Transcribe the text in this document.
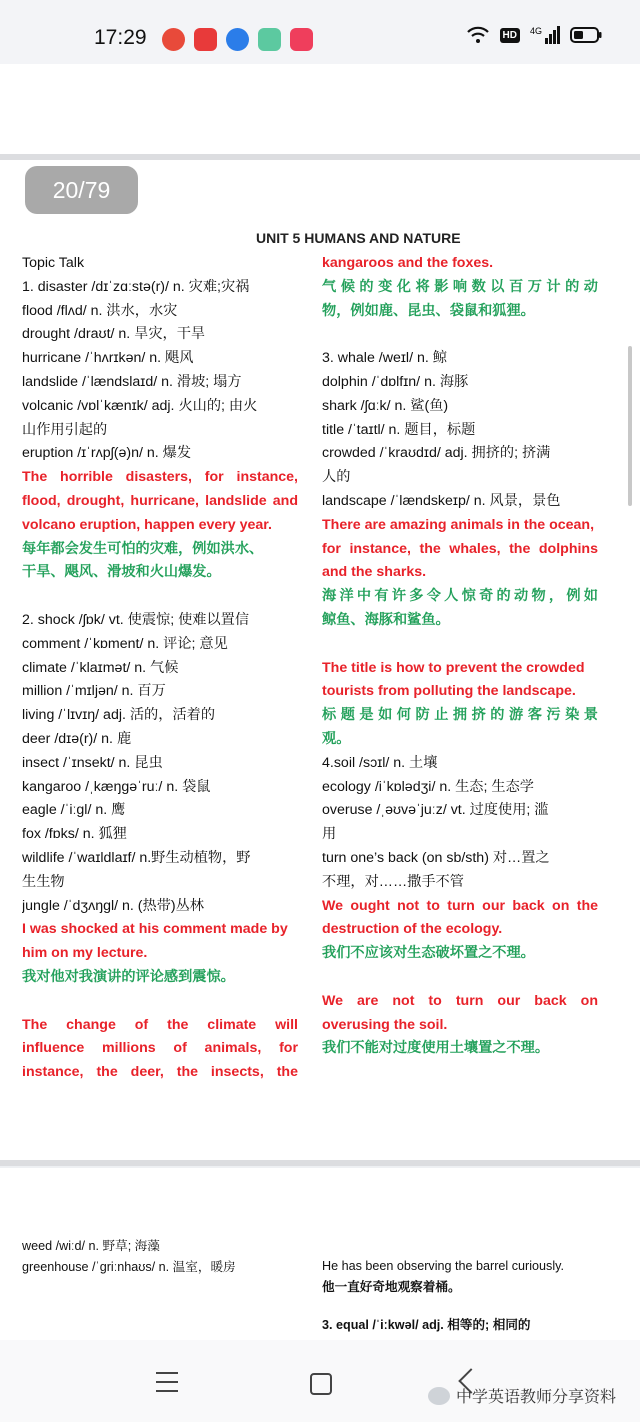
17:29	HD	4G
20/79
UNIT 5 HUMANS AND NATURE
Topic Talk
1. disaster /dɪˈzɑːstə(r)/ n. 灾难;灾祸
flood /flʌd/ n. 洪水，水灾
drought /draʊt/ n. 旱灾，干旱
hurricane /ˈhʌrɪkən/ n. 飓风
landslide /ˈlændslaɪd/ n. 滑坡; 塌方
volcanic /vɒlˈkænɪk/ adj. 火山的; 由火
山作用引起的
eruption /ɪˈrʌpʃ(ə)n/ n. 爆发
The horrible disasters, for instance,
flood, drought, hurricane, landslide and
volcano eruption, happen every year.
每年都会发生可怕的灾难，例如洪水、
干旱、飓风、滑坡和火山爆发。
2. shock /ʃɒk/ vt. 使震惊; 使难以置信
comment /ˈkɒment/ n. 评论; 意见
climate /ˈklaɪmət/ n. 气候
million /ˈmɪljən/ n. 百万
living /ˈlɪvɪŋ/ adj. 活的，活着的
deer /dɪə(r)/ n. 鹿
insect /ˈɪnsekt/ n. 昆虫
kangaroo /ˌkæŋɡəˈruː/ n. 袋鼠
eagle /ˈiːɡl/ n. 鹰
fox /fɒks/ n. 狐狸
wildlife /ˈwaɪldlaɪf/ n.野生动植物，野
生生物
jungle /ˈdʒʌŋɡl/ n. (热带)丛林
I was shocked at his comment made by
him on my lecture.
我对他对我演讲的评论感到震惊。
The change of the climate will
influence millions of animals, for
instance, the deer, the insects, the
kangaroos and the foxes.
气候的变化将影响数以百万计的动
物，例如鹿、昆虫、袋鼠和狐狸。
3. whale /weɪl/ n. 鲸
dolphin /ˈdɒlfɪn/ n. 海豚
shark /ʃɑːk/ n. 鲨(鱼)
title /ˈtaɪtl/ n. 题目，标题
crowded /ˈkraʊdɪd/ adj. 拥挤的; 挤满
人的
landscape /ˈlændskeɪp/ n. 风景，景色
There are amazing animals in the ocean,
for instance, the whales, the dolphins
and the sharks.
海洋中有许多令人惊奇的动物，例如
鲸鱼、海豚和鲨鱼。
The title is how to prevent the crowded
tourists from polluting the landscape.
标题是如何防止拥挤的游客污染景
观。
4.soil /sɔɪl/ n. 土壤
ecology /iˈkɒlədʒi/ n. 生态; 生态学
overuse /ˌəʊvəˈjuːz/ vt. 过度使用; 滥
用
turn one’s back (on sb/sth) 对…置之
不理，对……撒手不管
We ought not to turn our back on the
destruction of the ecology.
我们不应该对生态破坏置之不理。
We are not to turn our back on
overusing the soil.
我们不能对过度使用土壤置之不理。
weed /wiːd/ n. 野草; 海藻
greenhouse /ˈɡriːnhaʊs/ n. 温室，暖房	He has been observing the barrel curiously.
他一直好奇地观察着桶。
3. equal /ˈiːkwəl/ adj. 相等的; 相同的
中学英语教师分享资料
